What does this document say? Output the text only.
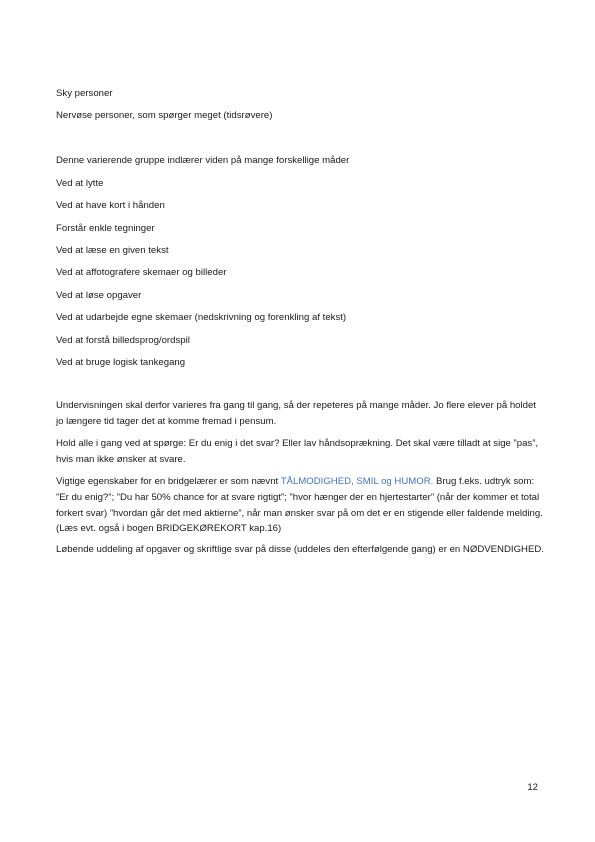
Sky personer
Nervøse personer, som spørger meget (tidsrøvere)
Denne varierende gruppe indlærer viden på mange forskellige måder
Ved at lytte
Ved at have kort i hånden
Forstår enkle tegninger
Ved at læse en given tekst
Ved at affotografere skemaer og billeder
Ved at løse opgaver
Ved at udarbejde egne skemaer (nedskrivning og forenkling af tekst)
Ved at forstå billedsprog/ordspil
Ved at bruge logisk tankegang
Undervisningen skal derfor varieres fra gang til gang, så der repeteres på mange måder. Jo flere elever på holdet jo længere tid tager det at komme fremad i pensum.
Hold alle i gang ved at spørge: Er du enig i det svar? Eller lav håndsoprækning. Det skal være tilladt at sige ”pas”, hvis man ikke ønsker at svare.
Vigtige egenskaber for en bridgelærer er som nævnt TÅLMODIGHED, SMIL og HUMOR. Brug f.eks. udtryk som: ”Er du enig?”; ”Du har 50% chance for at svare rigtigt”; ”hvor hænger der en hjertestarter” (når der kommer et total forkert svar) ”hvordan går det med aktierne”, når man ønsker svar på om det er en stigende eller faldende melding. (Læs evt. også i bogen BRIDGEKØREKORT kap.16)
Løbende uddeling af opgaver og skriftlige svar på disse (uddeles den efterfølgende gang) er en NØDVENDIGHED.
12
